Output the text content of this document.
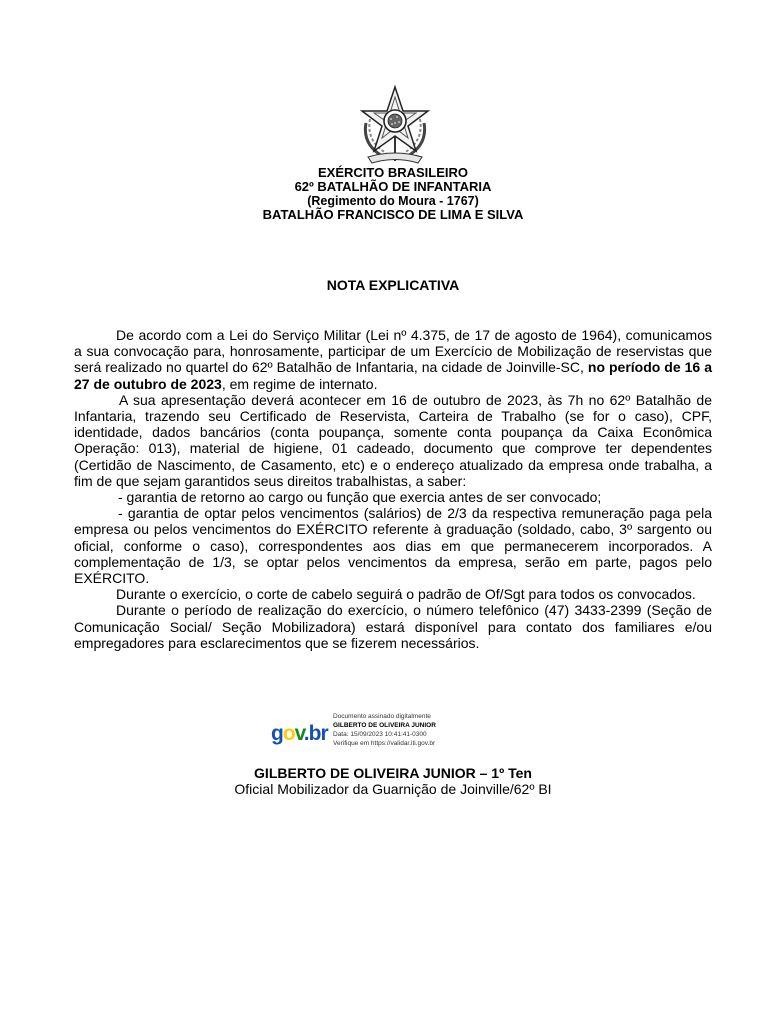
EXÉRCITO BRASILEIRO
62º BATALHÃO DE INFANTARIA
(Regimento do Moura - 1767)
BATALHÃO FRANCISCO DE LIMA E SILVA
NOTA EXPLICATIVA

De acordo com a Lei do Serviço Militar (Lei nº 4.375, de 17 de agosto de 1964), comunicamos a sua convocação para, honrosamente, participar de um Exercício de Mobilização de reservistas que será realizado no quartel do 62º Batalhão de Infantaria, na cidade de Joinville-SC, no período de 16 a 27 de outubro de 2023, em regime de internato.

A sua apresentação deverá acontecer em 16 de outubro de 2023, às 7h no 62º Batalhão de Infantaria, trazendo seu Certificado de Reservista, Carteira de Trabalho (se for o caso), CPF, identidade, dados bancários (conta poupança, somente conta poupança da Caixa Econômica Operação: 013), material de higiene, 01 cadeado, documento que comprove ter dependentes (Certidão de Nascimento, de Casamento, etc) e o endereço atualizado da empresa onde trabalha, a fim de que sejam garantidos seus direitos trabalhistas, a saber:

- garantia de retorno ao cargo ou função que exercia antes de ser convocado;

- garantia de optar pelos vencimentos (salários) de 2/3 da respectiva remuneração paga pela empresa ou pelos vencimentos do EXÉRCITO referente à graduação (soldado, cabo, 3º sargento ou oficial, conforme o caso), correspondentes aos dias em que permanecerem incorporados. A complementação de 1/3, se optar pelos vencimentos da empresa, serão em parte, pagos pelo EXÉRCITO.

Durante o exercício, o corte de cabelo seguirá o padrão de Of/Sgt para todos os convocados.

Durante o período de realização do exercício, o número telefônico (47) 3433-2399 (Seção de Comunicação Social/ Seção Mobilizadora) estará disponível para contato dos familiares e/ou empregadores para esclarecimentos que se fizerem necessários.

gov.br
Documento assinado digitalmente
GILBERTO DE OLIVEIRA JUNIOR
Data: 15/09/2023 10:41:41-0300
Verifique em https://validar.iti.gov.br
GILBERTO DE OLIVEIRA JUNIOR – 1º Ten
Oficial Mobilizador da Guarnição de Joinville/62º BI
